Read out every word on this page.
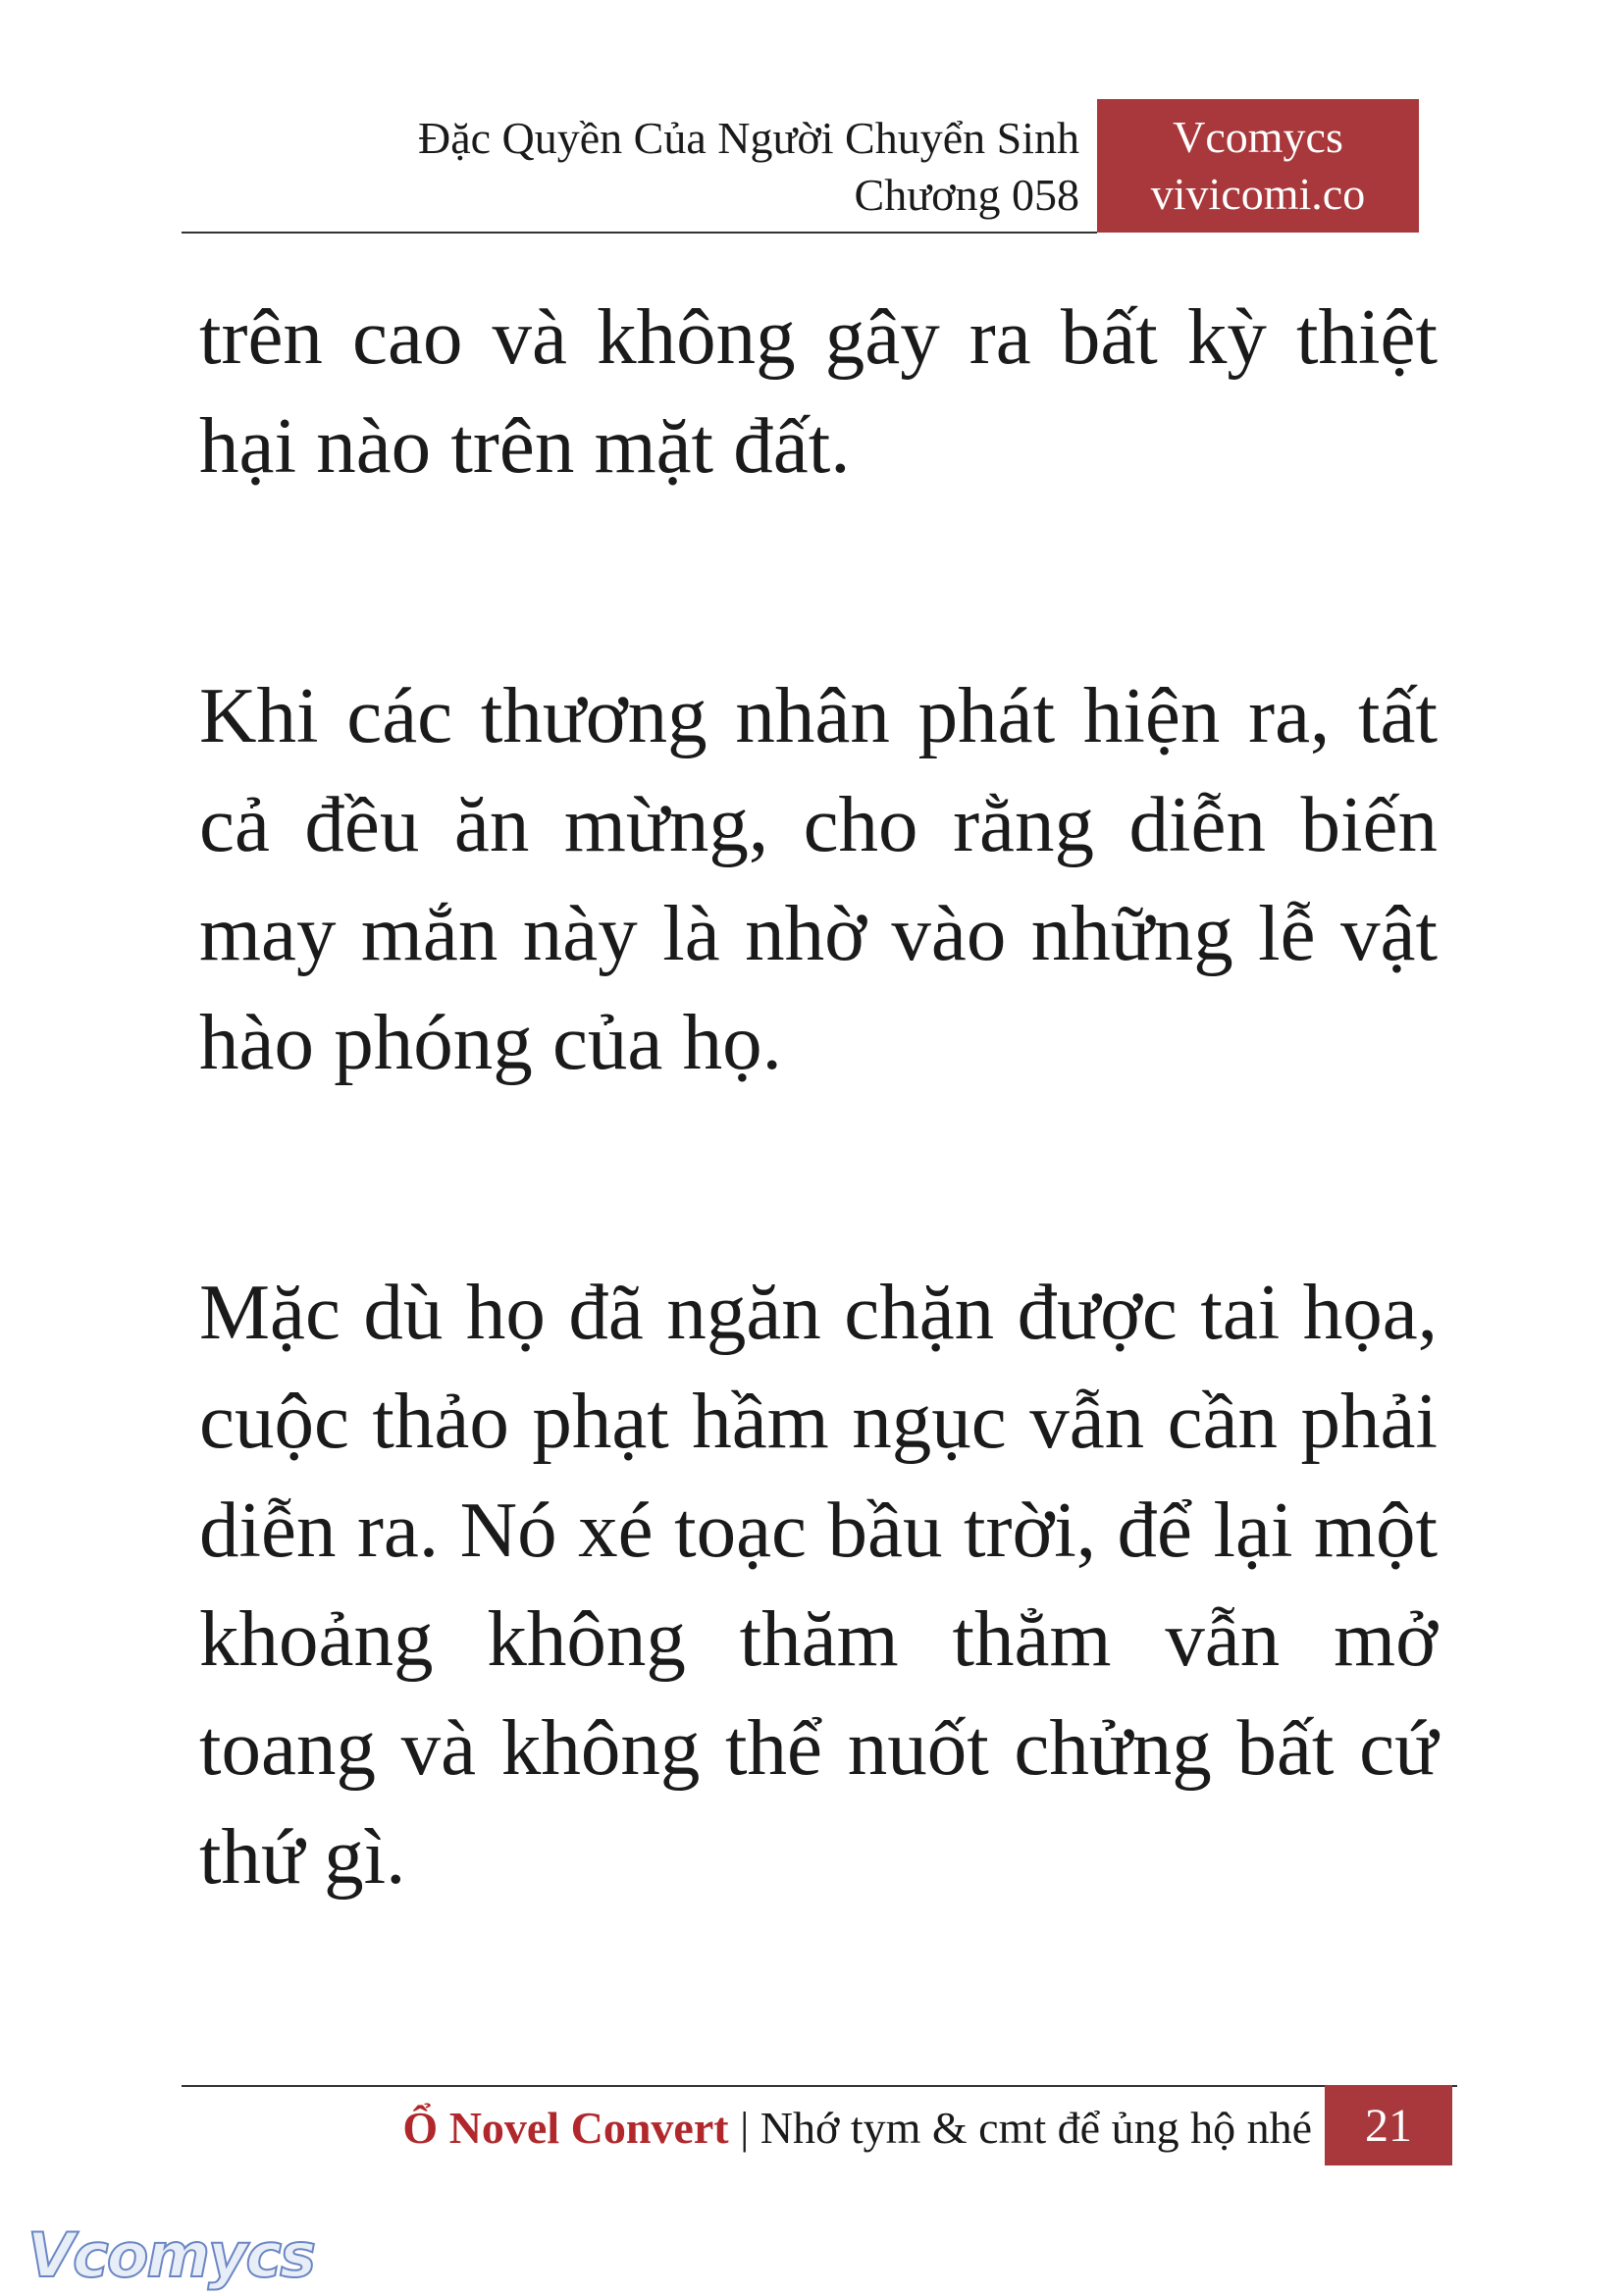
Đặc Quyền Của Người Chuyển Sinh
Chương 058
Vcomycs
vivicomi.co

trên cao và không gây ra bất kỳ thiệt hại nào trên mặt đất.

Khi các thương nhân phát hiện ra, tất cả đều ăn mừng, cho rằng diễn biến may mắn này là nhờ vào những lễ vật hào phóng của họ.

Mặc dù họ đã ngăn chặn được tai họa, cuộc thảo phạt hầm ngục vẫn cần phải diễn ra. Nó xé toạc bầu trời, để lại một khoảng không thăm thẳm vẫn mở toang và không thể nuốt chửng bất cứ thứ gì.

Ổ Novel Convert | Nhớ tym & cmt để ủng hộ nhé	21
Vcomycs
